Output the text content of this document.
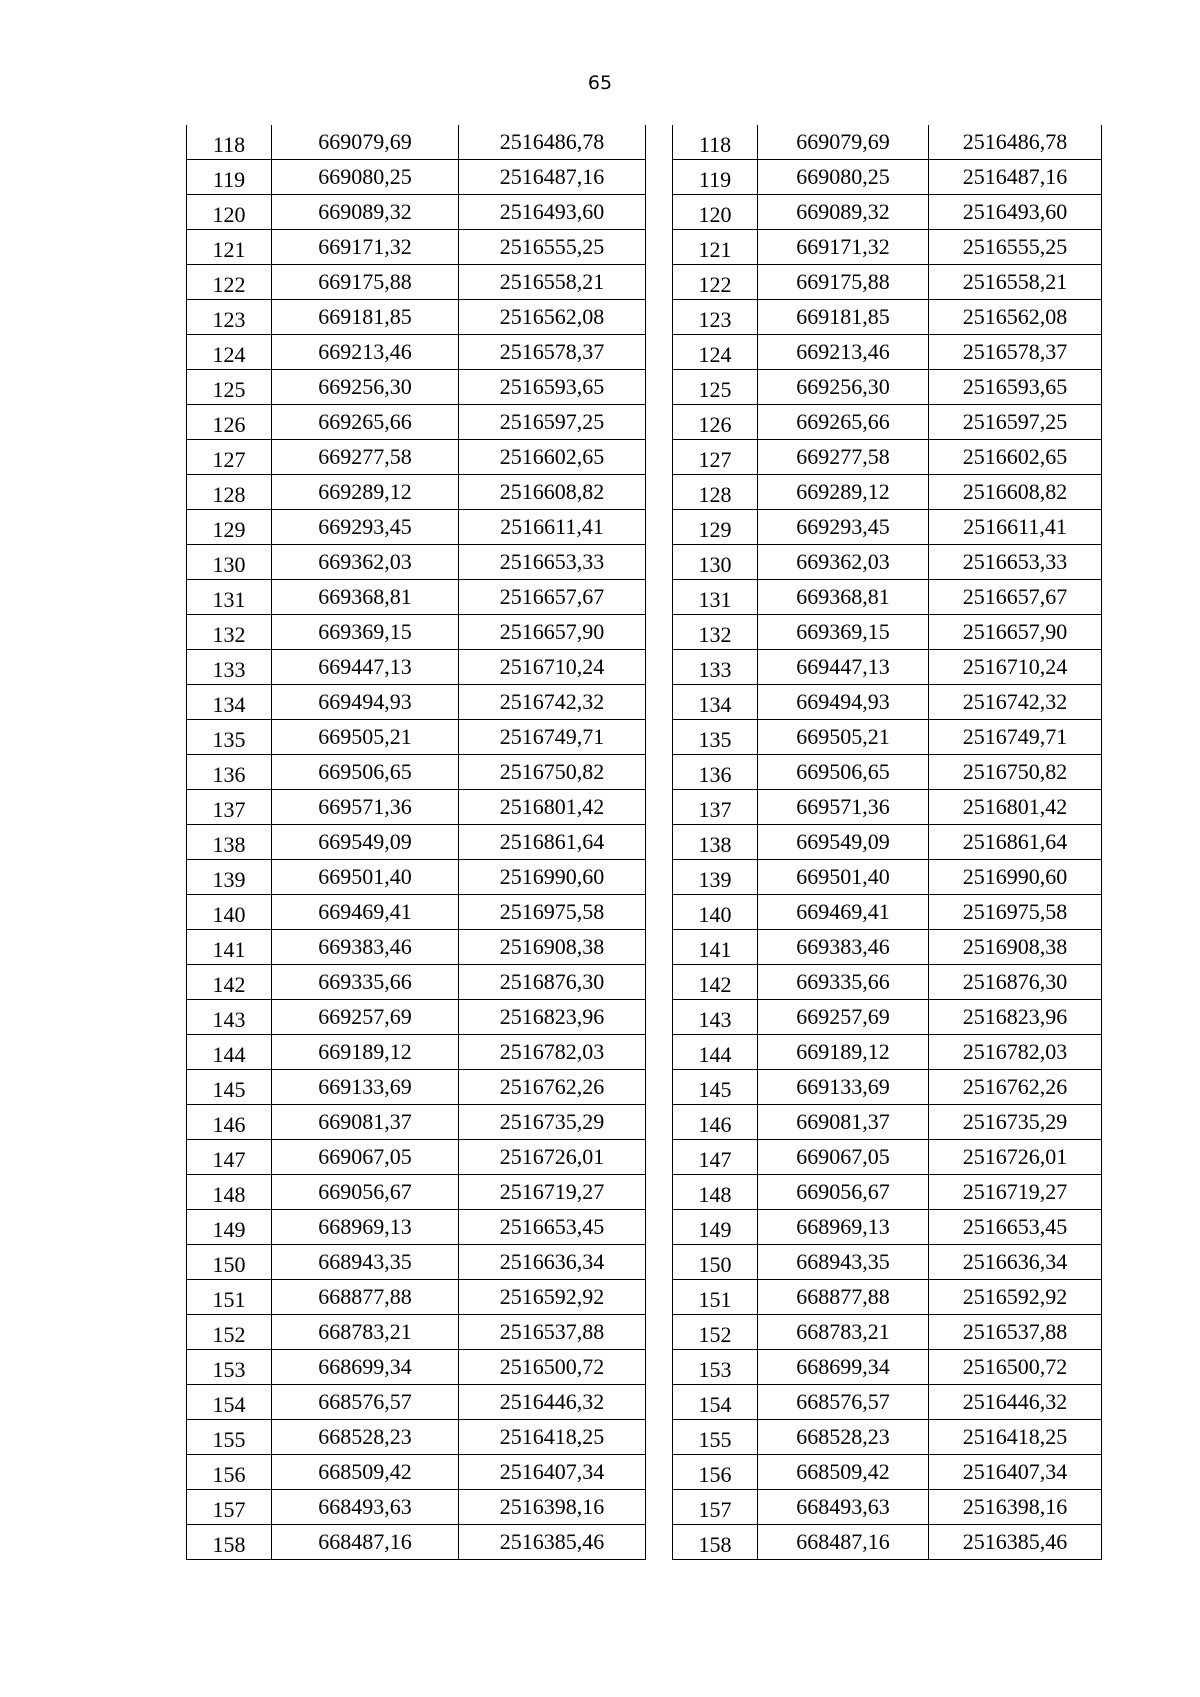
65
118	669079,69	2516486,78
119	669080,25	2516487,16
120	669089,32	2516493,60
121	669171,32	2516555,25
122	669175,88	2516558,21
123	669181,85	2516562,08
124	669213,46	2516578,37
125	669256,30	2516593,65
126	669265,66	2516597,25
127	669277,58	2516602,65
128	669289,12	2516608,82
129	669293,45	2516611,41
130	669362,03	2516653,33
131	669368,81	2516657,67
132	669369,15	2516657,90
133	669447,13	2516710,24
134	669494,93	2516742,32
135	669505,21	2516749,71
136	669506,65	2516750,82
137	669571,36	2516801,42
138	669549,09	2516861,64
139	669501,40	2516990,60
140	669469,41	2516975,58
141	669383,46	2516908,38
142	669335,66	2516876,30
143	669257,69	2516823,96
144	669189,12	2516782,03
145	669133,69	2516762,26
146	669081,37	2516735,29
147	669067,05	2516726,01
148	669056,67	2516719,27
149	668969,13	2516653,45
150	668943,35	2516636,34
151	668877,88	2516592,92
152	668783,21	2516537,88
153	668699,34	2516500,72
154	668576,57	2516446,32
155	668528,23	2516418,25
156	668509,42	2516407,34
157	668493,63	2516398,16
158	668487,16	2516385,46
118	669079,69	2516486,78
119	669080,25	2516487,16
120	669089,32	2516493,60
121	669171,32	2516555,25
122	669175,88	2516558,21
123	669181,85	2516562,08
124	669213,46	2516578,37
125	669256,30	2516593,65
126	669265,66	2516597,25
127	669277,58	2516602,65
128	669289,12	2516608,82
129	669293,45	2516611,41
130	669362,03	2516653,33
131	669368,81	2516657,67
132	669369,15	2516657,90
133	669447,13	2516710,24
134	669494,93	2516742,32
135	669505,21	2516749,71
136	669506,65	2516750,82
137	669571,36	2516801,42
138	669549,09	2516861,64
139	669501,40	2516990,60
140	669469,41	2516975,58
141	669383,46	2516908,38
142	669335,66	2516876,30
143	669257,69	2516823,96
144	669189,12	2516782,03
145	669133,69	2516762,26
146	669081,37	2516735,29
147	669067,05	2516726,01
148	669056,67	2516719,27
149	668969,13	2516653,45
150	668943,35	2516636,34
151	668877,88	2516592,92
152	668783,21	2516537,88
153	668699,34	2516500,72
154	668576,57	2516446,32
155	668528,23	2516418,25
156	668509,42	2516407,34
157	668493,63	2516398,16
158	668487,16	2516385,46
